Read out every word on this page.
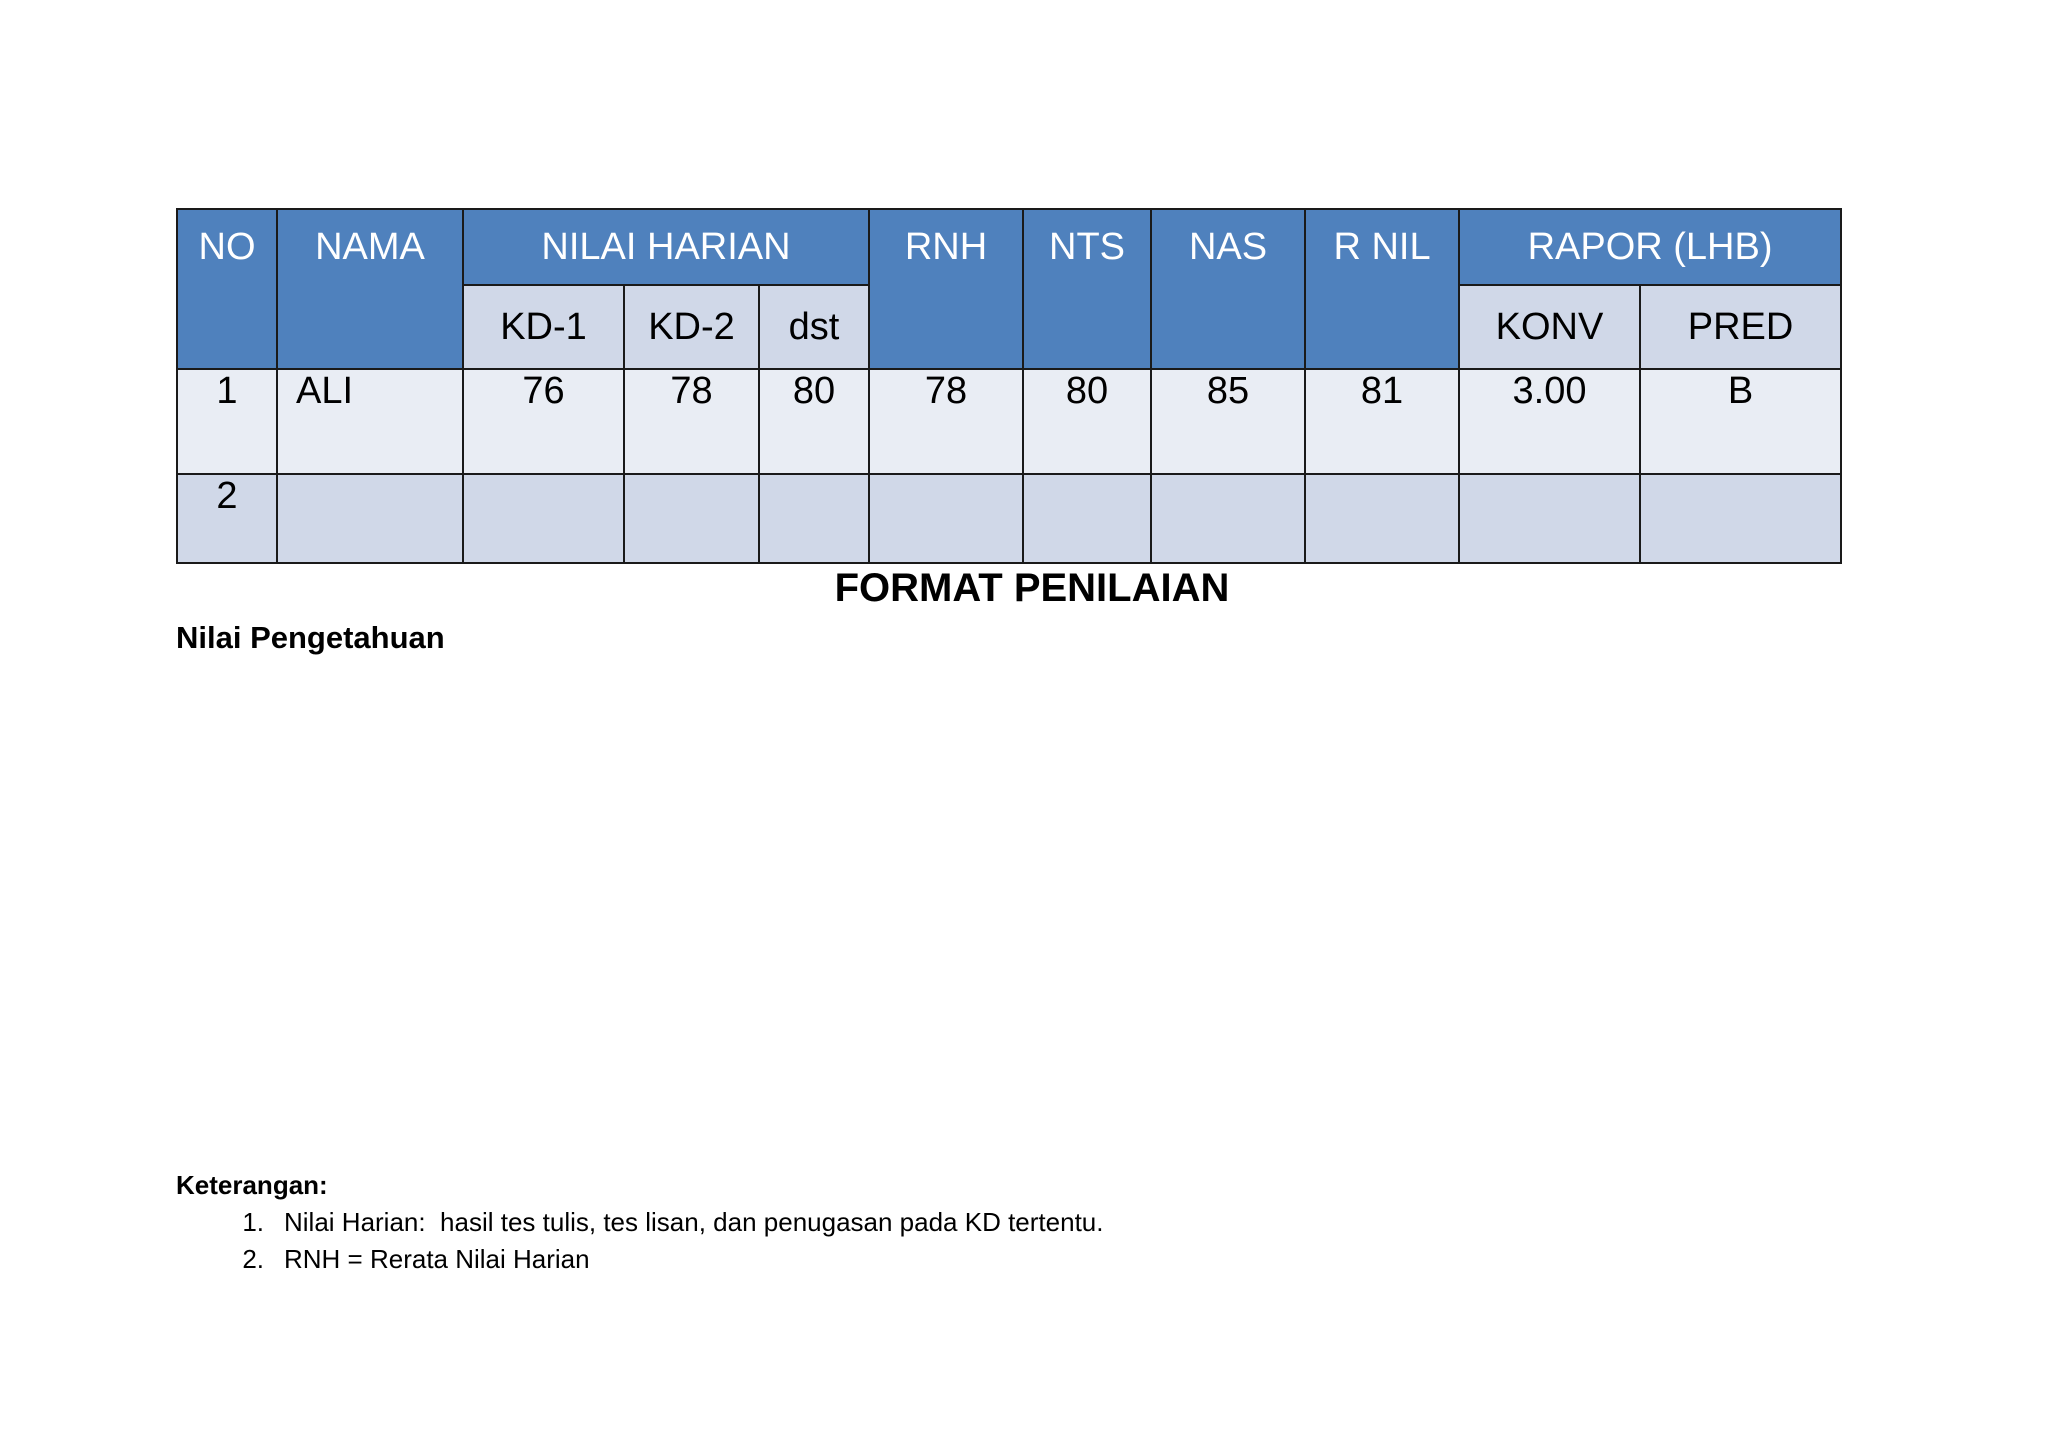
NO	NAMA	NILAI HARIAN			RNH	NTS	NAS	R NIL	RAPOR (LHB)	
		KD-1	KD-2	dst					KONV	PRED
1	ALI	76	78	80	78	80	85	81	3.00	B
2										
FORMAT PENILAIAN
Nilai Pengetahuan
Keterangan:
1. Nilai Harian:  hasil tes tulis, tes lisan, dan penugasan pada KD tertentu.
2. RNH = Rerata Nilai Harian
